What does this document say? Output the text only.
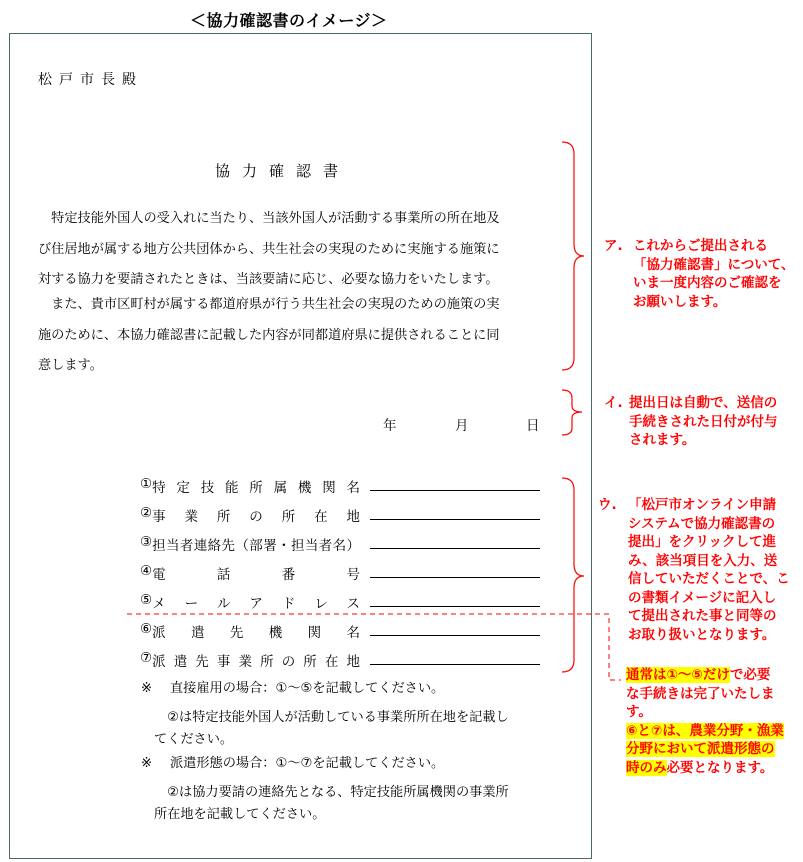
＜協力確認書のイメージ＞
松戸市長殿
協力確認書
　特定技能外国人の受入れに当たり、当該外国人が活動する事業所の所在地及
び住居地が属する地方公共団体から、共生社会の実現のために実施する施策に
対する協力を要請されたときは、当該要請に応じ、必要な協力をいたします。
　また、貴市区町村が属する都道府県が行う共生社会の実現のための施策の実
施のために、本協力確認書に記載した内容が同都道府県に提供されることに同
意します。
年	月	日
① 特定技能所属機関名
② 事業所の所在地
③ 担当者連絡先（部署・担当者名）
④ 電話番号
⑤ メールアドレス
⑥ 派遣先機関名
⑦ 派遣先事業所の所在地
※ 直接雇用の場合：①～⑤を記載してください。
　②は特定技能外国人が活動している事業所所在地を記載し
てください。
※ 派遣形態の場合：①～⑦を記載してください。
　②は協力要請の連絡先となる、特定技能所属機関の事業所
所在地を記載してください。
ア. これからご提出される
「協力確認書」について、
いま一度内容のご確認を
お願いします。
イ. 提出日は自動で、送信の
手続きされた日付が付与
されます。
ウ. 「松戸市オンライン申請
システムで協力確認書の
提出」をクリックして進
み、該当項目を入力、送
信していただくことで、こ
の書類イメージに記入し
て提出された事と同等の
お取り扱いとなります。
通常は①～⑤だけで必要
な手続きは完了いたしま
す。
⑥と⑦は、農業分野・漁業
分野において派遣形態の
時のみ必要となります。
